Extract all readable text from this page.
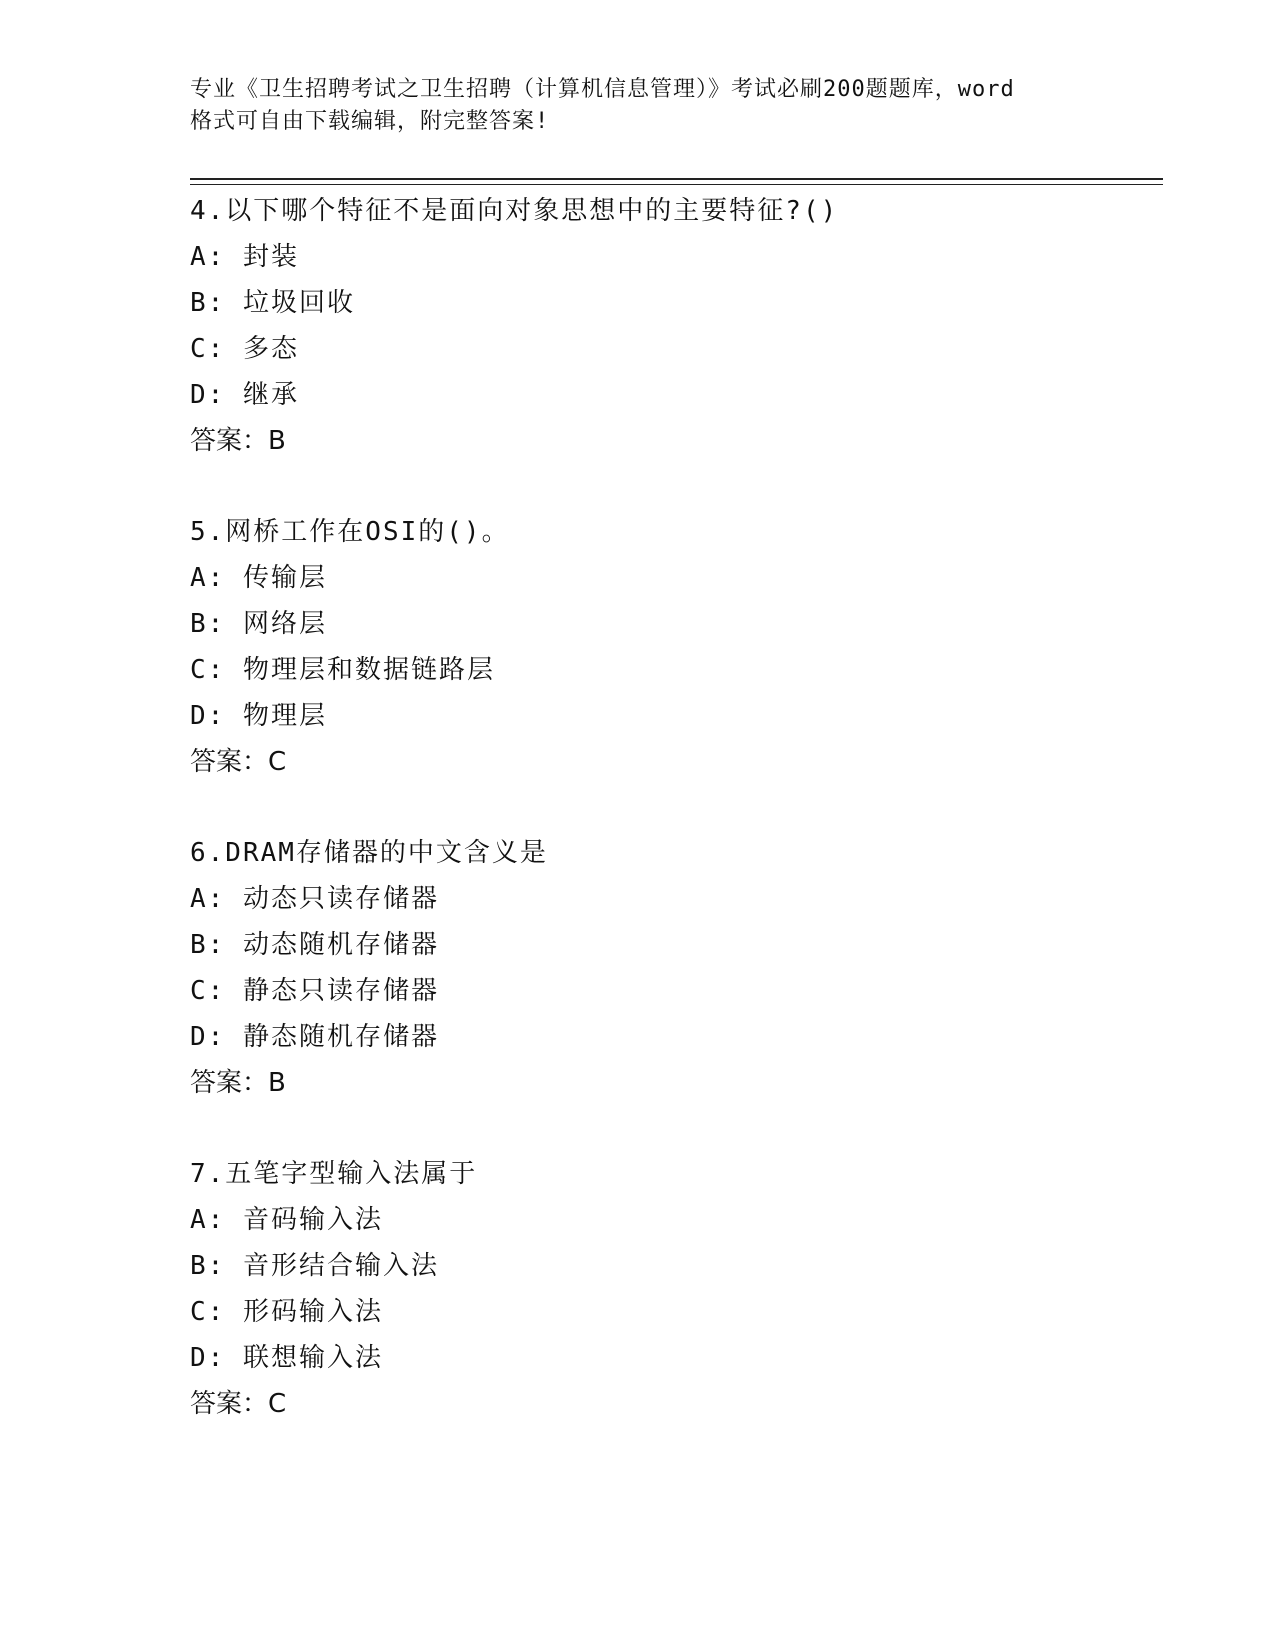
专业《卫生招聘考试之卫生招聘（计算机信息管理）》考试必刷200题题库，word
格式可自由下载编辑，附完整答案!
4.以下哪个特征不是面向对象思想中的主要特征?()
A: 封装
B: 垃圾回收
C: 多态
D: 继承
答案：B
5.网桥工作在OSI的()。
A: 传输层
B: 网络层
C: 物理层和数据链路层
D: 物理层
答案：C
6.DRAM存储器的中文含义是
A: 动态只读存储器
B: 动态随机存储器
C: 静态只读存储器
D: 静态随机存储器
答案：B
7.五笔字型输入法属于
A: 音码输入法
B: 音形结合输入法
C: 形码输入法
D: 联想输入法
答案：C
